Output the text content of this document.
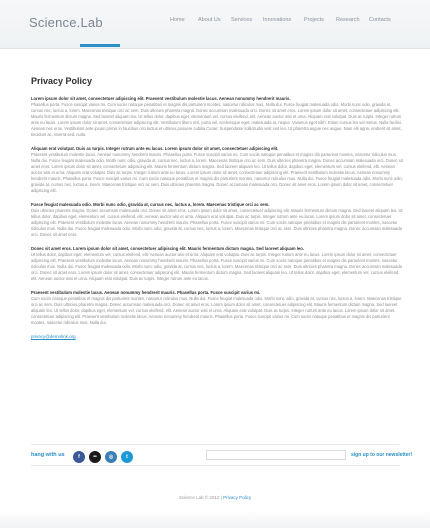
Science.Lab	Home About Us Services Innovations Projects Research Contacts
Privacy Policy
Lorem ipsum dolor sit amet, consectetuer adipiscing elit. Praesent vestibulum molestie lacus. Aenean nonummy hendrerit mauris.
Phasellus porta. Fusce suscipit varius mi. Cum sociis natoque penatibus et magnis dis parturient montes, nascetur ridiculus mus. Nulla dui. Fusce feugiat malesuada odio. Morbi nunc odio, gravida at, cursus nec, luctus a, lorem. Maecenas tristique orci ac sem. Duis ultricies pharetra magna. Donec accumsan malesuada orci. Donec sit amet eros. Lorem ipsum dolor sit amet, consectetuer adipiscing elit. Mauris fermentum dictum magna. Sed laoreet aliquam leo. Ut tellus dolor, dapibus eget, elementum vel, cursus eleifend, elit. Aenean auctor wisi et urna. Aliquam erat volutpat. Duis ac turpis. Integer rutrum ante eu lacus. Lorem ipsum dolor sit amet, consectetuer adipiscing elit. Vestibulum libero nisl, porta vel, scelerisque eget, malesuada at, neque. Vivamus eget nibh. Etiam cursus leo vel metus. Nulla facilisi. Aenean nec eros. Vestibulum ante ipsum primis in faucibus orci luctus et ultrices posuere cubilia Curae; Suspendisse sollicitudin velit sed leo. Ut pharetra augue nec augue. Nam elit agna, endrerit sit amet, tincidunt ac, viverra sed, nulla.
Aliquam erat volutpat. Duis ac turpis. Integer rutrum ante eu lacus. Lorem ipsum dolor sit amet, consectetuer adipiscing elit.
Praesent vestibulum molestie lacus. Aenean nonummy hendrerit mauris. Phasellus porta. Fusce suscipit varius mi. Cum sociis natoque penatibus et magnis dis parturient montes, nascetur ridiculus mus. Nulla dui. Fusce feugiat malesuada odio. Morbi nunc odio, gravida at, cursus nec, luctus a, lorem. Maecenas tristique orci ac sem. Duis ultricies pharetra magna. Donec accumsan malesuada orci. Donec sit amet eros. Lorem ipsum dolor sit amet, consectetuer adipiscing elit. Mauris fermentum dictum magna. Sed laoreet aliquam leo. Ut tellus dolor, dapibus eget, elementum vel, cursus eleifend, elit. Aenean auctor wisi et urna. Aliquam erat volutpat. Duis ac turpis. Integer rutrum ante eu lacus. Lorem ipsum dolor sit amet, consectetuer adipiscing elit. Praesent vestibulum molestie lacus. Aenean nonummy hendrerit mauris. Phasellus porta. Fusce suscipit varius mi. Cum sociis natoque penatibus et magnis dis parturient montes, nascetur ridiculus mus. Nulla dui. Fusce feugiat malesuada odio. Morbi nunc odio, gravida at, cursus nec, luctus a, lorem. Maecenas tristique orci ac sem. Duis ultricies pharetra magna. Donec accumsan malesuada orci. Donec sit amet eros. Lorem ipsum dolor sit amet, consectetuer adipiscing elit.
Fusce feugiat malesuada odio. Morbi nunc odio, gravida at, cursus nec, luctus a, lorem. Maecenas tristique orci ac sem.
Duis ultricies pharetra magna. Donec accumsan malesuada orci. Donec sit amet eros. Lorem ipsum dolor sit amet, consectetuer adipiscing elit. Mauris fermentum dictum magna. Sed laoreet aliquam leo. Ut tellus dolor, dapibus eget, elementum vel, cursus eleifend, elit. Aenean auctor wisi et urna. Aliquam erat volutpat. Duis ac turpis. Integer rutrum ante eu lacus. Lorem ipsum dolor sit amet, consectetuer adipiscing elit. Praesent vestibulum molestie lacus. Aenean nonummy hendrerit mauris. Phasellus porta. Fusce suscipit varius mi. Cum sociis natoque penatibus et magnis dis parturient montes, nascetur ridiculus mus. Nulla dui. Fusce feugiat malesuada odio. Morbi nunc odio, gravida at, cursus nec, luctus a, lorem. Maecenas tristique orci ac sem. Duis ultricies pharetra magna. Donec accumsan malesuada orci. Donec sit amet eros.
Donec sit amet eros. Lorem ipsum dolor sit amet, consectetuer adipiscing elit. Mauris fermentum dictum magna. Sed laoreet aliquam leo.
Ut tellus dolor, dapibus eget, elementum vel, cursus eleifend, elit. Aenean auctor wisi et urna. Aliquam erat volutpat. Duis ac turpis. Integer rutrum ante eu lacus. Lorem ipsum dolor sit amet, consectetuer adipiscing elit. Praesent vestibulum molestie lacus. Aenean nonummy hendrerit mauris. Phasellus porta. Fusce suscipit varius mi. Cum sociis natoque penatibus et magnis dis parturient montes, nascetur ridiculus mus. Nulla dui. Fusce feugiat malesuada odio. Morbi nunc odio, gravida at, cursus nec, luctus a, lorem. Maecenas tristique orci ac sem. Duis ultricies pharetra magna. Donec accumsan malesuada orci. Donec sit amet eros. Lorem ipsum dolor sit amet, consectetuer adipiscing elit. Mauris fermentum dictum magna. Sed laoreet aliquam leo. Ut tellus dolor, dapibus eget, elementum vel, cursus eleifend, elit. Aenean auctor wisi et urna. Aliquam erat volutpat. Duis ac turpis. Integer rutrum ante eu lacus.
Praesent vestibulum molestie lacus. Aenean nonummy hendrerit mauris. Phasellus porta. Fusce suscipit varius mi.
Cum sociis natoque penatibus et magnis dis parturient montes, nascetur ridiculus mus. Nulla dui. Fusce feugiat malesuada odio. Morbi nunc odio, gravida at, cursus nec, luctus a, lorem. Maecenas tristique orci ac sem. Duis ultricies pharetra magna. Donec accumsan malesuada orci. Donec sit amet eros. Lorem ipsum dolor sit amet, consectetuer adipiscing elit. Mauris fermentum dictum magna. Sed laoreet aliquam leo. Ut tellus dolor, dapibus eget, elementum vel, cursus eleifend, elit. Aenean auctor wisi et urna. Aliquam erat volutpat. Duis ac turpis. Integer rutrum ante eu lacus. Lorem ipsum dolor sit amet, consectetuer adipiscing elit. Praesent vestibulum molestie lacus. Aenean nonummy hendrerit mauris. Phasellus porta. Fusce suscipit varius mi. Cum sociis natoque penatibus et magnis dis parturient montes, nascetur ridiculus mus. Nulla dui.
privacy@demolink.org
hang with us	f	•• ◎	t	sign up to our newsletter!
Science Lab © 2012 | Privacy Policy
